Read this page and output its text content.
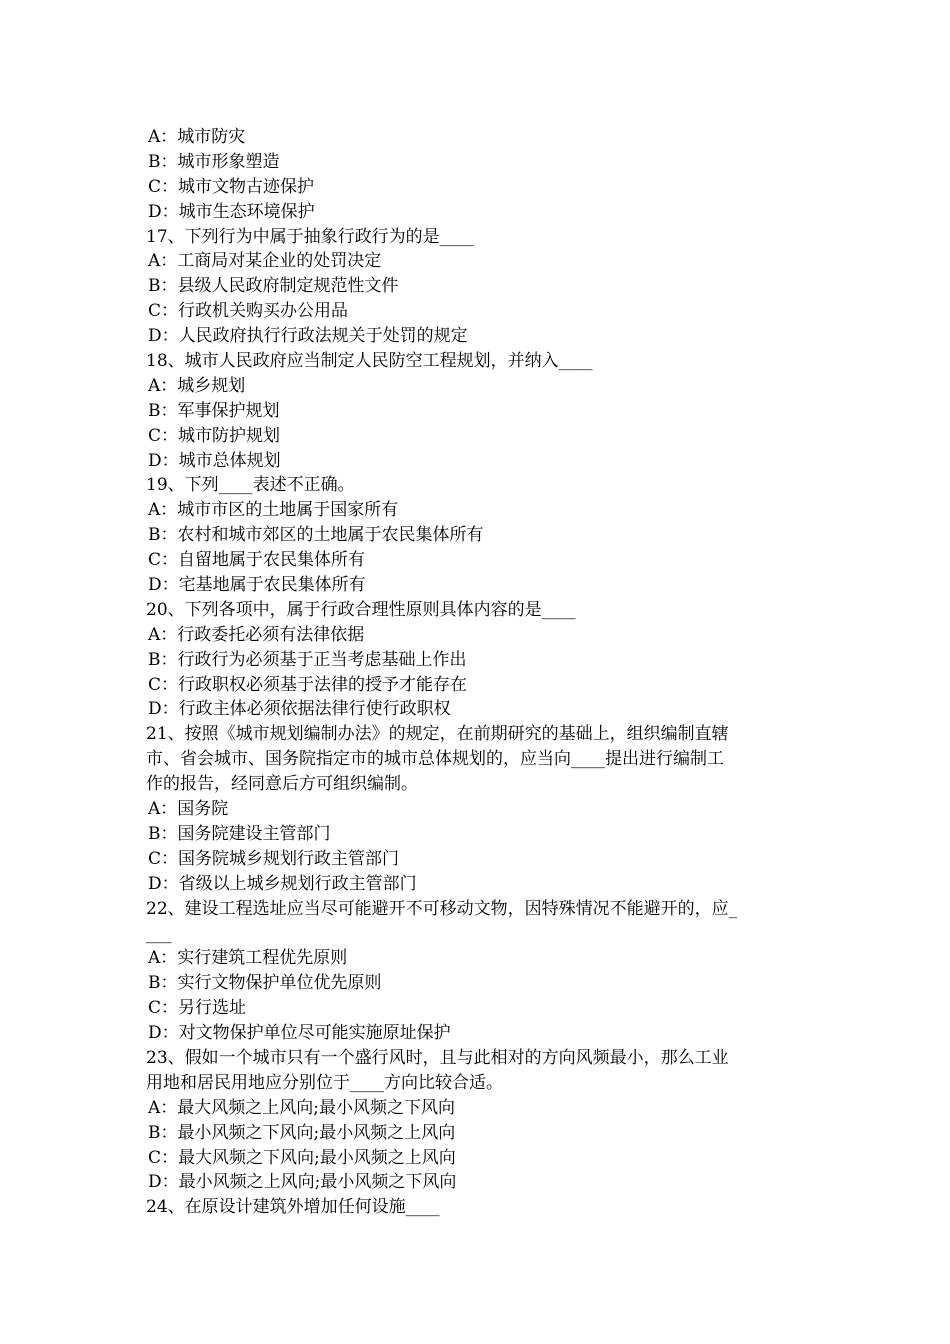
A：城市防灾
B：城市形象塑造
C：城市文物古迹保护
D：城市生态环境保护
17、下列行为中属于抽象行政行为的是____
A：工商局对某企业的处罚决定
B：县级人民政府制定规范性文件
C：行政机关购买办公用品
D：人民政府执行行政法规关于处罚的规定
18、城市人民政府应当制定人民防空工程规划，并纳入____
A：城乡规划
B：军事保护规划
C：城市防护规划
D：城市总体规划
19、下列____表述不正确。
A：城市市区的土地属于国家所有
B：农村和城市郊区的土地属于农民集体所有
C：自留地属于农民集体所有
D：宅基地属于农民集体所有
20、下列各项中，属于行政合理性原则具体内容的是____
A：行政委托必须有法律依据
B：行政行为必须基于正当考虑基础上作出
C：行政职权必须基于法律的授予才能存在
D：行政主体必须依据法律行使行政职权
21、按照《城市规划编制办法》的规定，在前期研究的基础上，组织编制直辖
市、省会城市、国务院指定市的城市总体规划的，应当向____提出进行编制工
作的报告，经同意后方可组织编制。
A：国务院
B：国务院建设主管部门
C：国务院城乡规划行政主管部门
D：省级以上城乡规划行政主管部门
22、建设工程选址应当尽可能避开不可移动文物，因特殊情况不能避开的，应_
___
A：实行建筑工程优先原则
B：实行文物保护单位优先原则
C：另行选址
D：对文物保护单位尽可能实施原址保护
23、假如一个城市只有一个盛行风时，且与此相对的方向风频最小，那么工业
用地和居民用地应分别位于____方向比较合适。
A：最大风频之上风向;最小风频之下风向
B：最小风频之下风向;最小风频之上风向
C：最大风频之下风向;最小风频之上风向
D：最小风频之上风向;最小风频之下风向
24、在原设计建筑外增加任何设施____
